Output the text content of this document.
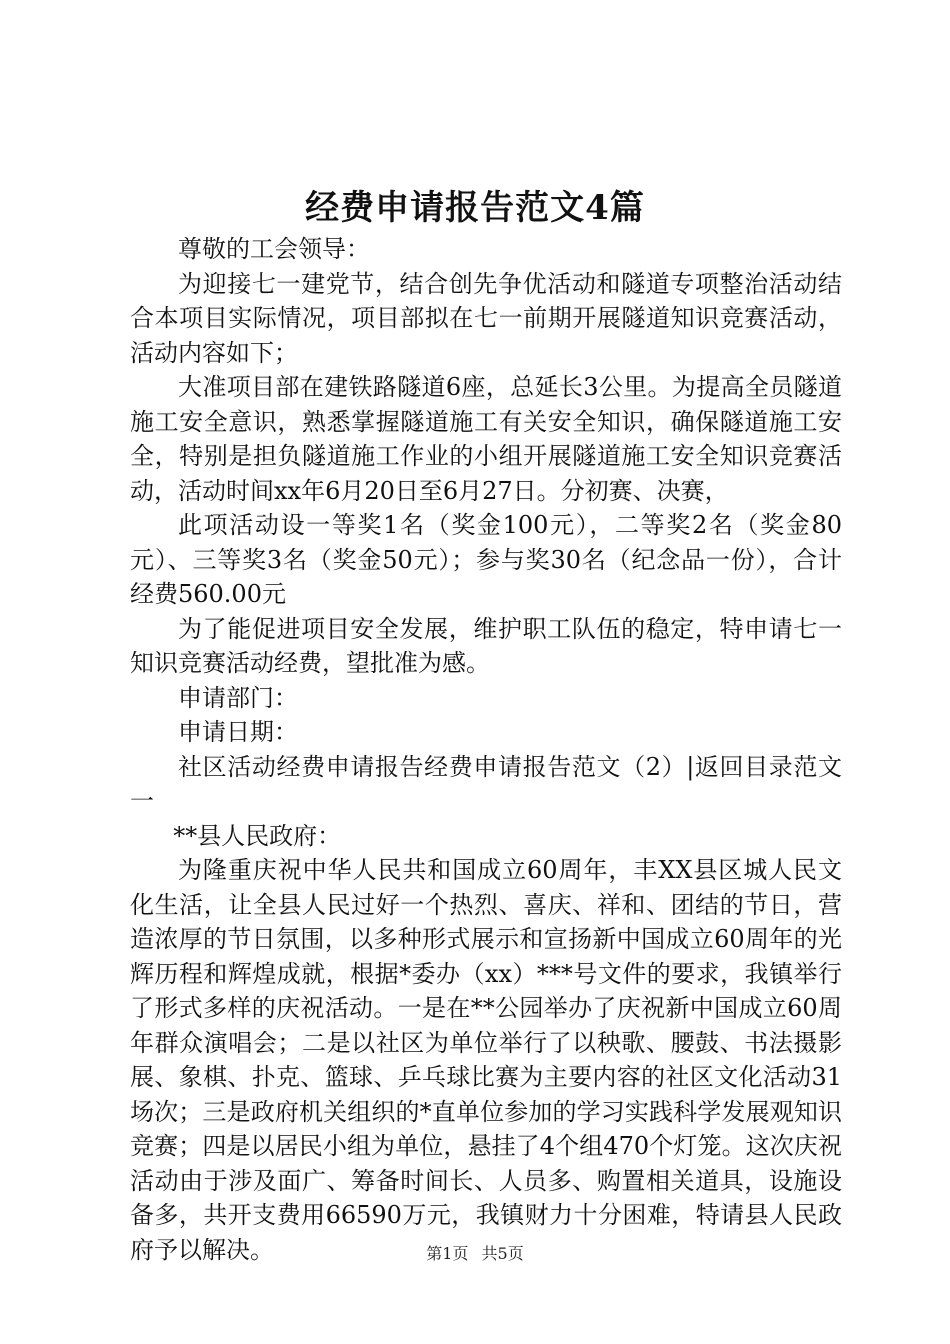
经费申请报告范文4篇

尊敬的工会领导：

为迎接七一建党节，结合创先争优活动和隧道专项整治活动结合本项目实际情况，项目部拟在七一前期开展隧道知识竞赛活动，活动内容如下；

大准项目部在建铁路隧道6座，总延长3公里。为提高全员隧道施工安全意识，熟悉掌握隧道施工有关安全知识，确保隧道施工安全，特别是担负隧道施工作业的小组开展隧道施工安全知识竞赛活动，活动时间xx年6月20日至6月27日。分初赛、决赛，

此项活动设一等奖1名（奖金100元），二等奖2名（奖金80元）、三等奖3名（奖金50元）；参与奖30名（纪念品一份），合计经费560.00元

为了能促进项目安全发展，维护职工队伍的稳定，特申请七一知识竞赛活动经费，望批准为感。

申请部门：

申请日期：

社区活动经费申请报告经费申请报告范文（2）|返回目录范文一

**县人民政府：

为隆重庆祝中华人民共和国成立60周年，丰XX县区城人民文化生活，让全县人民过好一个热烈、喜庆、祥和、团结的节日，营造浓厚的节日氛围，以多种形式展示和宣扬新中国成立60周年的光辉历程和辉煌成就，根据*委办（xx）***号文件的要求，我镇举行了形式多样的庆祝活动。一是在**公园举办了庆祝新中国成立60周年群众演唱会；二是以社区为单位举行了以秧歌、腰鼓、书法摄影展、象棋、扑克、篮球、乒乓球比赛为主要内容的社区文化活动31场次；三是政府机关组织的*直单位参加的学习实践科学发展观知识竞赛；四是以居民小组为单位，悬挂了4个组470个灯笼。这次庆祝活动由于涉及面广、筹备时间长、人员多、购置相关道具，设施设备多，共开支费用66590万元，我镇财力十分困难，特请县人民政府予以解决。	第1页 共5页
